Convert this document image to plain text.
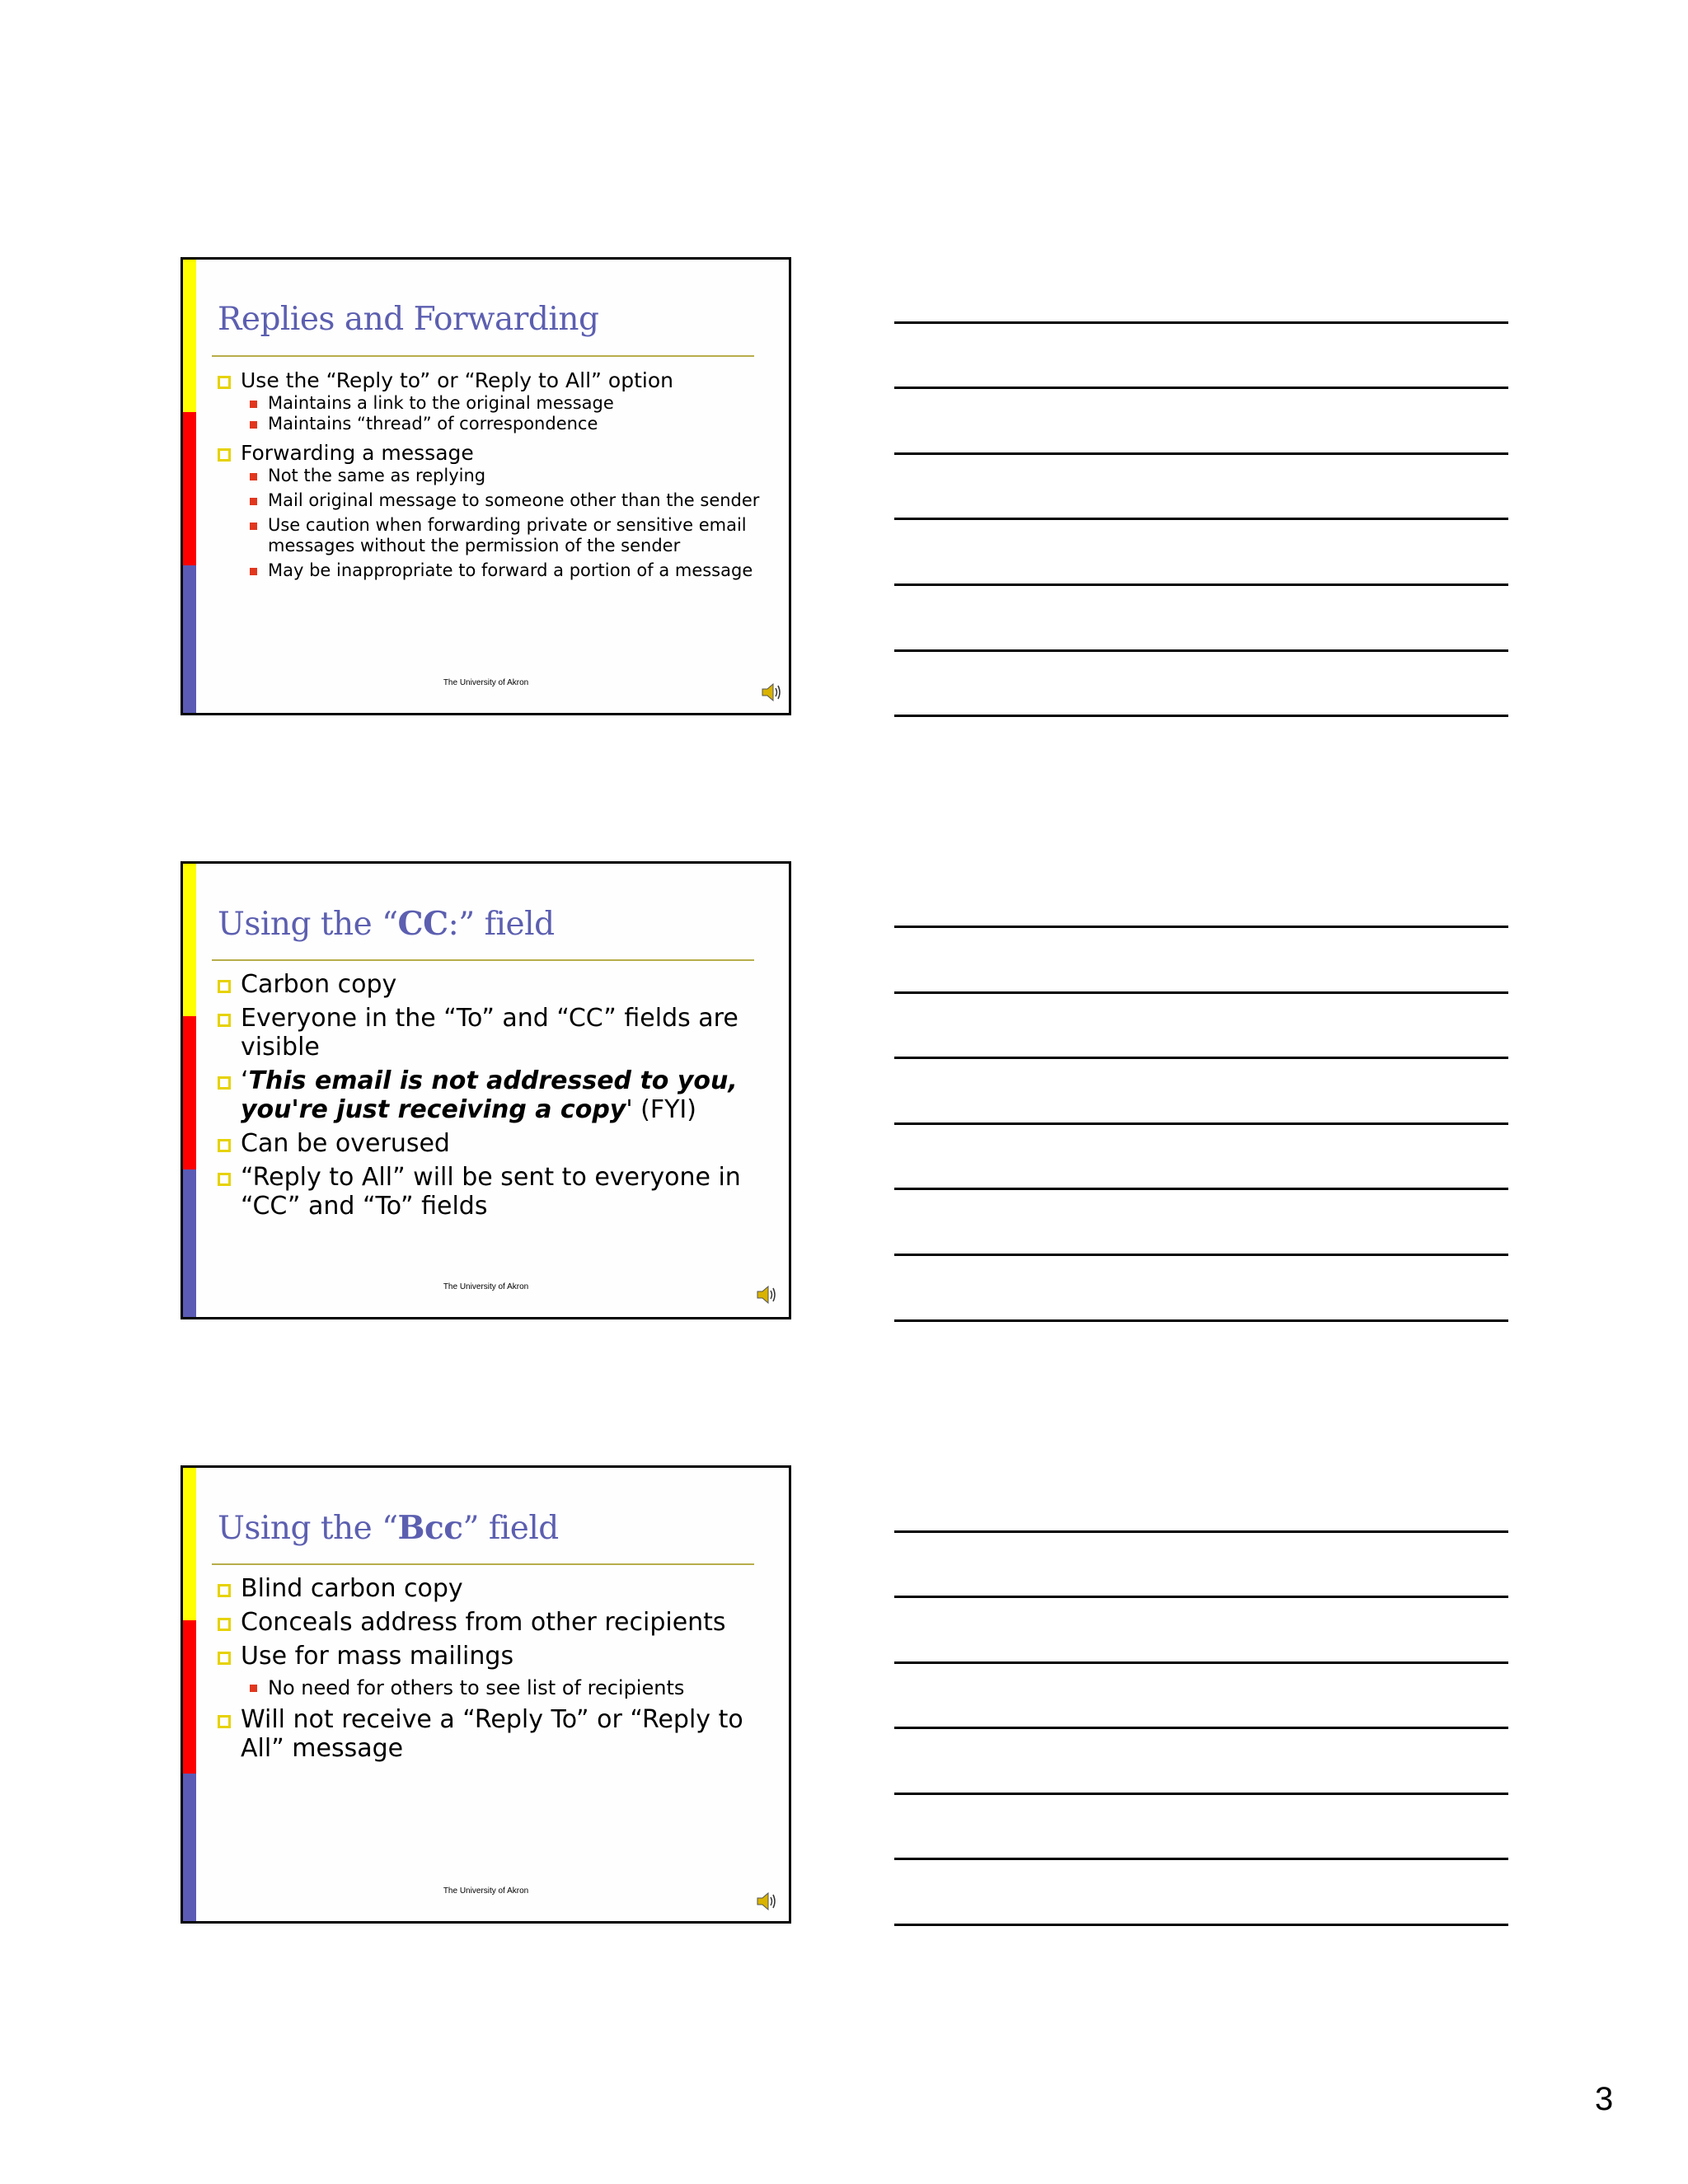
Replies and Forwarding
Use the “Reply to” or “Reply to All” option
Maintains a link to the original message
Maintains “thread” of correspondence
Forwarding a message
Not the same as replying
Mail original message to someone other than the sender
Use caution when forwarding private or sensitive email messages without the permission of the sender
May be inappropriate to forward a portion of a message
The University of Akron
Using the “CC:” field
Carbon copy
Everyone in the “To” and “CC” fields are visible
‘This email is not addressed to you, you're just receiving a copy' (FYI)
Can be overused
“Reply to All” will be sent to everyone in “CC” and “To” fields
The University of Akron
Using the “Bcc” field
Blind carbon copy
Conceals address from other recipients
Use for mass mailings
No need for others to see list of recipients
Will not receive a “Reply To” or “Reply to All” message
The University of Akron
3
